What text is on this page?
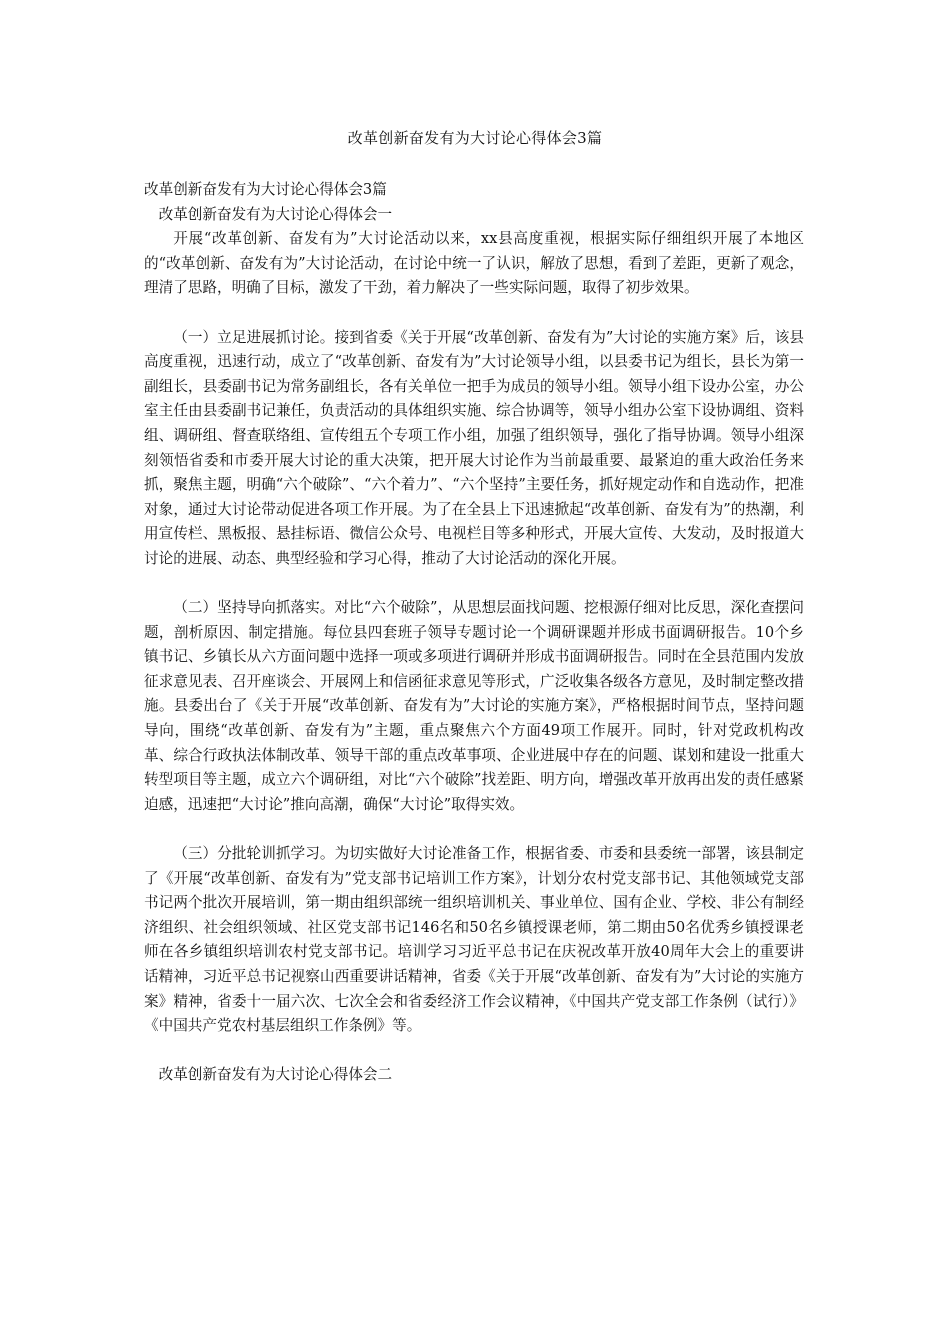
改革创新奋发有为大讨论心得体会3篇

改革创新奋发有为大讨论心得体会3篇

改革创新奋发有为大讨论心得体会一

开展“改革创新、奋发有为”大讨论活动以来，xx县高度重视，根据实际仔细组织开展了本地区的“改革创新、奋发有为”大讨论活动，在讨论中统一了认识，解放了思想，看到了差距，更新了观念，理清了思路，明确了目标，激发了干劲，着力解决了一些实际问题，取得了初步效果。

（一）立足进展抓讨论。接到省委《关于开展“改革创新、奋发有为”大讨论的实施方案》后，该县高度重视，迅速行动，成立了“改革创新、奋发有为”大讨论领导小组，以县委书记为组长，县长为第一副组长，县委副书记为常务副组长，各有关单位一把手为成员的领导小组。领导小组下设办公室，办公室主任由县委副书记兼任，负责活动的具体组织实施、综合协调等，领导小组办公室下设协调组、资料组、调研组、督查联络组、宣传组五个专项工作小组，加强了组织领导，强化了指导协调。领导小组深刻领悟省委和市委开展大讨论的重大决策，把开展大讨论作为当前最重要、最紧迫的重大政治任务来抓，聚焦主题，明确“六个破除”、“六个着力”、“六个坚持”主要任务，抓好规定动作和自选动作，把准对象，通过大讨论带动促进各项工作开展。为了在全县上下迅速掀起“改革创新、奋发有为”的热潮，利用宣传栏、黑板报、悬挂标语、微信公众号、电视栏目等多种形式，开展大宣传、大发动，及时报道大讨论的进展、动态、典型经验和学习心得，推动了大讨论活动的深化开展。

（二）坚持导向抓落实。对比“六个破除”，从思想层面找问题、挖根源仔细对比反思，深化查摆问题，剖析原因、制定措施。每位县四套班子领导专题讨论一个调研课题并形成书面调研报告。10个乡镇书记、乡镇长从六方面问题中选择一项或多项进行调研并形成书面调研报告。同时在全县范围内发放征求意见表、召开座谈会、开展网上和信函征求意见等形式，广泛收集各级各方意见，及时制定整改措施。县委出台了《关于开展“改革创新、奋发有为”大讨论的实施方案》，严格根据时间节点，坚持问题导向，围绕“改革创新、奋发有为”主题，重点聚焦六个方面49项工作展开。同时，针对党政机构改革、综合行政执法体制改革、领导干部的重点改革事项、企业进展中存在的问题、谋划和建设一批重大转型项目等主题，成立六个调研组，对比“六个破除”找差距、明方向，增强改革开放再出发的责任感紧迫感，迅速把“大讨论”推向高潮，确保“大讨论”取得实效。

（三）分批轮训抓学习。为切实做好大讨论准备工作，根据省委、市委和县委统一部署，该县制定了《开展“改革创新、奋发有为”党支部书记培训工作方案》，计划分农村党支部书记、其他领域党支部书记两个批次开展培训，第一期由组织部统一组织培训机关、事业单位、国有企业、学校、非公有制经济组织、社会组织领域、社区党支部书记146名和50名乡镇授课老师，第二期由50名优秀乡镇授课老师在各乡镇组织培训农村党支部书记。培训学习习近平总书记在庆祝改革开放40周年大会上的重要讲话精神，习近平总书记视察山西重要讲话精神，省委《关于开展“改革创新、奋发有为”大讨论的实施方案》精神，省委十一届六次、七次全会和省委经济工作会议精神，《中国共产党支部工作条例（试行）》《中国共产党农村基层组织工作条例》等。

改革创新奋发有为大讨论心得体会二
